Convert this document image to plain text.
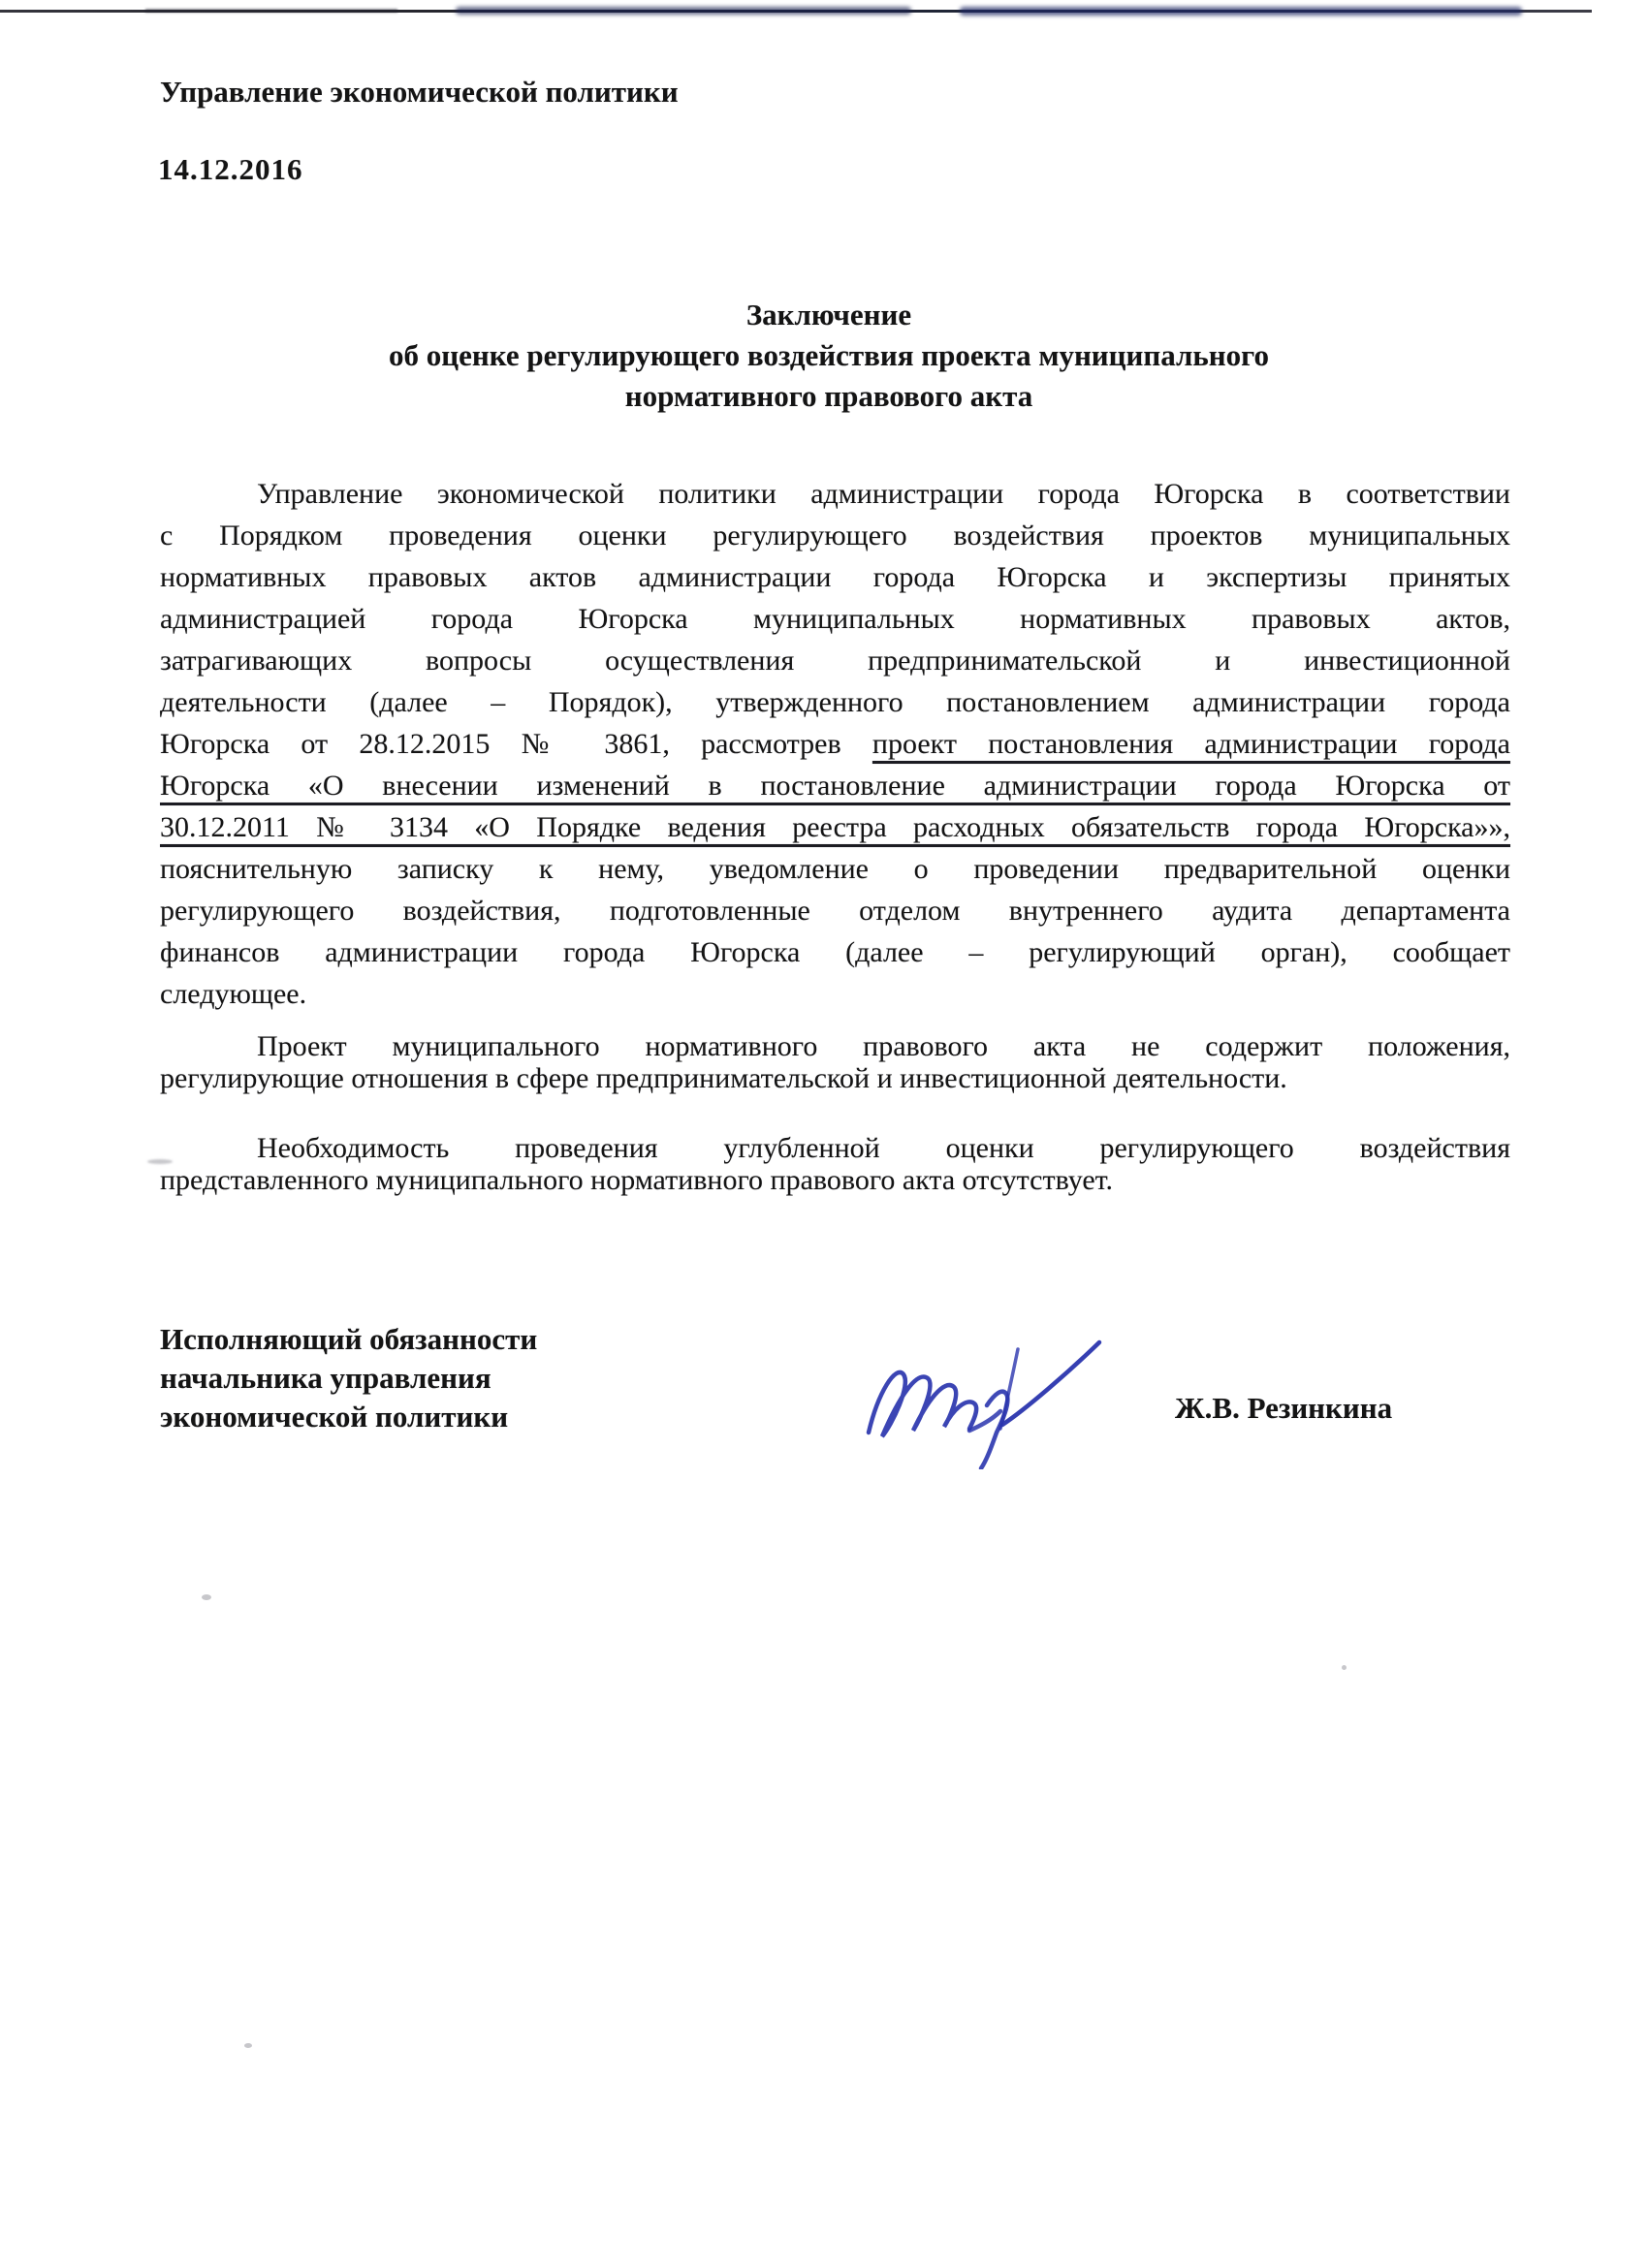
Управление экономической политики
14.12.2016
Заключение
об оценке регулирующего воздействия проекта муниципального
нормативного правового акта
Управление экономической политики администрации города Югорска в соответствии
с Порядком проведения оценки регулирующего воздействия проектов муниципальных
нормативных правовых актов администрации города Югорска и экспертизы принятых
администрацией города Югорска муниципальных нормативных правовых актов,
затрагивающих вопросы осуществления предпринимательской и инвестиционной
деятельности (далее – Порядок), утвержденного постановлением администрации города
Югорска от 28.12.2015 № 3861, рассмотрев проект постановления администрации города
Югорска «О внесении изменений в постановление администрации города Югорска от
30.12.2011 № 3134 «О Порядке ведения реестра расходных обязательств города Югорска»»,
пояснительную записку к нему, уведомление о проведении предварительной оценки
регулирующего воздействия, подготовленные отделом внутреннего аудита департамента
финансов администрации города Югорска (далее – регулирующий орган), сообщает
следующее.
Проект муниципального нормативного правового акта не содержит положения,
регулирующие отношения в сфере предпринимательской и инвестиционной деятельности.
Необходимость проведения углубленной оценки регулирующего воздействия
представленного муниципального нормативного правового акта отсутствует.
Исполняющий обязанности
начальника управления
экономической политики	Ж.В. Резинкина
